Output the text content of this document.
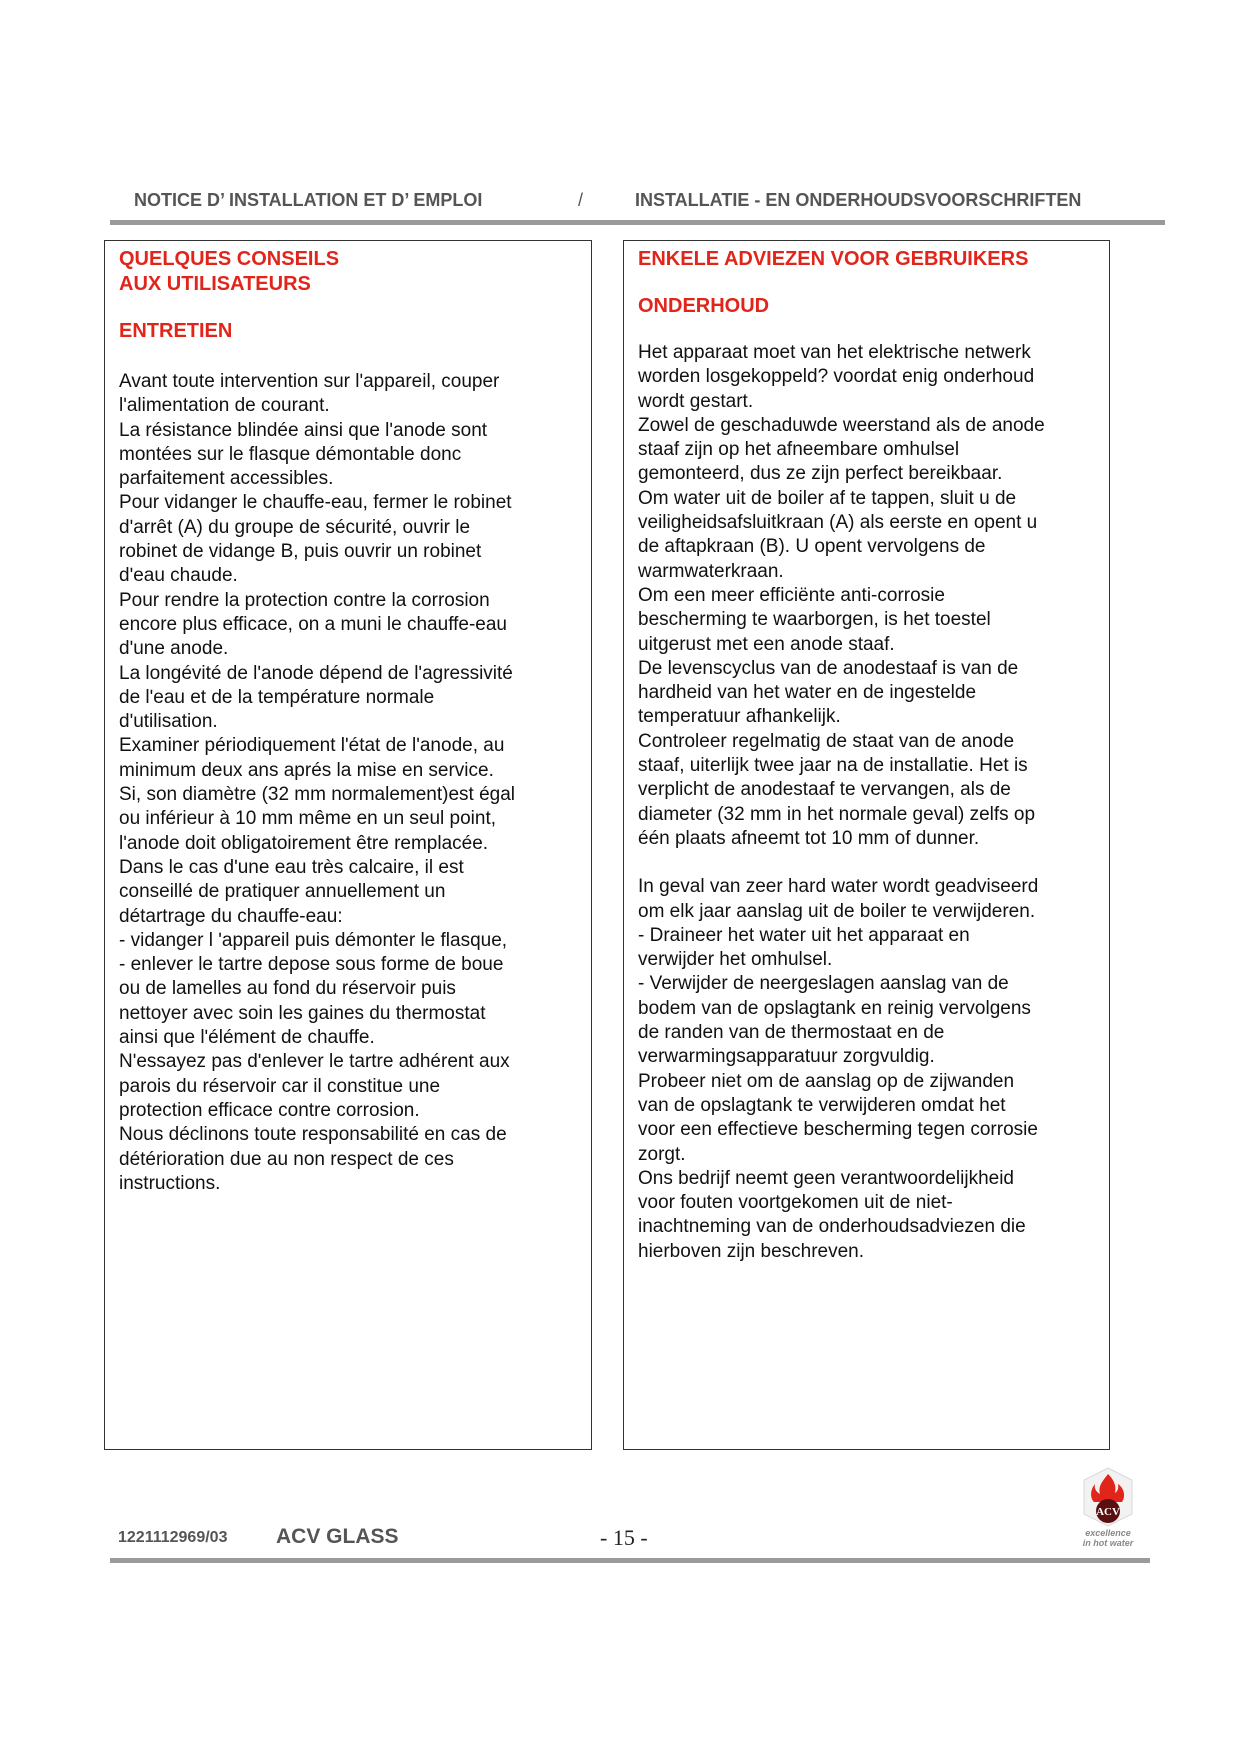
NOTICE D’ INSTALLATION ET D’ EMPLOI	/	INSTALLATIE - EN ONDERHOUDSVOORSCHRIFTEN
QUELQUES CONSEILS
AUX UTILISATEURS
ENTRETIEN
Avant toute intervention sur lʹappareil, couper
lʹalimentation de courant.
La résistance blindée ainsi que lʹanode sont
montées sur le flasque démontable donc
parfaitement accessibles.
Pour vidanger le chauffe-eau, fermer le robinet
dʹarrêt (A) du groupe de sécurité, ouvrir le
robinet de vidange B, puis ouvrir un robinet
dʹeau chaude.
Pour rendre la protection contre la corrosion
encore plus efficace, on a muni le chauffe-eau
dʹune anode.
La longévité de lʹanode dépend de lʹagressivité
de lʹeau et de la température normale
dʹutilisation.
Examiner périodiquement lʹétat de lʹanode, au
minimum deux ans aprés la mise en service.
Si, son diamètre (32 mm normalement)est égal
ou inférieur à 10 mm même en un seul point,
lʹanode doit obligatoirement être remplacée.
Dans le cas dʹune eau très calcaire, il est
conseillé de pratiquer annuellement un
détartrage du chauffe-eau:
- vidanger l ʹappareil puis démonter le flasque,
- enlever le tartre depose sous forme de boue
ou de lamelles au fond du réservoir puis
nettoyer avec soin les gaines du thermostat
ainsi que lʹélément de chauffe.
Nʹessayez pas dʹenlever le tartre adhérent aux
parois du réservoir car il constitue une
protection efficace contre corrosion.
Nous déclinons toute responsabilité en cas de
détérioration due au non respect de ces
instructions.
ENKELE ADVIEZEN VOOR GEBRUIKERS
ONDERHOUD
Het apparaat moet van het elektrische netwerk
worden losgekoppeld? voordat enig onderhoud
wordt gestart.
Zowel de geschaduwde weerstand als de anode
staaf zijn op het afneembare omhulsel
gemonteerd, dus ze zijn perfect bereikbaar.
Om water uit de boiler af te tappen, sluit u de
veiligheidsafsluitkraan (A) als eerste en opent u
de aftapkraan (B). U opent vervolgens de
warmwaterkraan.
Om een meer efficiënte anti-corrosie
bescherming te waarborgen, is het toestel
uitgerust met een anode staaf.
De levenscyclus van de anodestaaf is van de
hardheid van het water en de ingestelde
temperatuur afhankelijk.
Controleer regelmatig de staat van de anode
staaf, uiterlijk twee jaar na de installatie. Het is
verplicht de anodestaaf te vervangen, als de
diameter (32 mm in het normale geval) zelfs op
één plaats afneemt tot 10 mm of dunner.
In geval van zeer hard water wordt geadviseerd
om elk jaar aanslag uit de boiler te verwijderen.
- Draineer het water uit het apparaat en
verwijder het omhulsel.
- Verwijder de neergeslagen aanslag van de
bodem van de opslagtank en reinig vervolgens
de randen van de thermostaat en de
verwarmingsapparatuur zorgvuldig.
Probeer niet om de aanslag op de zijwanden
van de opslagtank te verwijderen omdat het
voor een effectieve bescherming tegen corrosie
zorgt.
Ons bedrijf neemt geen verantwoordelijkheid
voor fouten voortgekomen uit de niet-
inachtneming van de onderhoudsadviezen die
hierboven zijn beschreven.
ACV
excellence
in hot water
1221112969/03 ACV GLASS	- 15 -
